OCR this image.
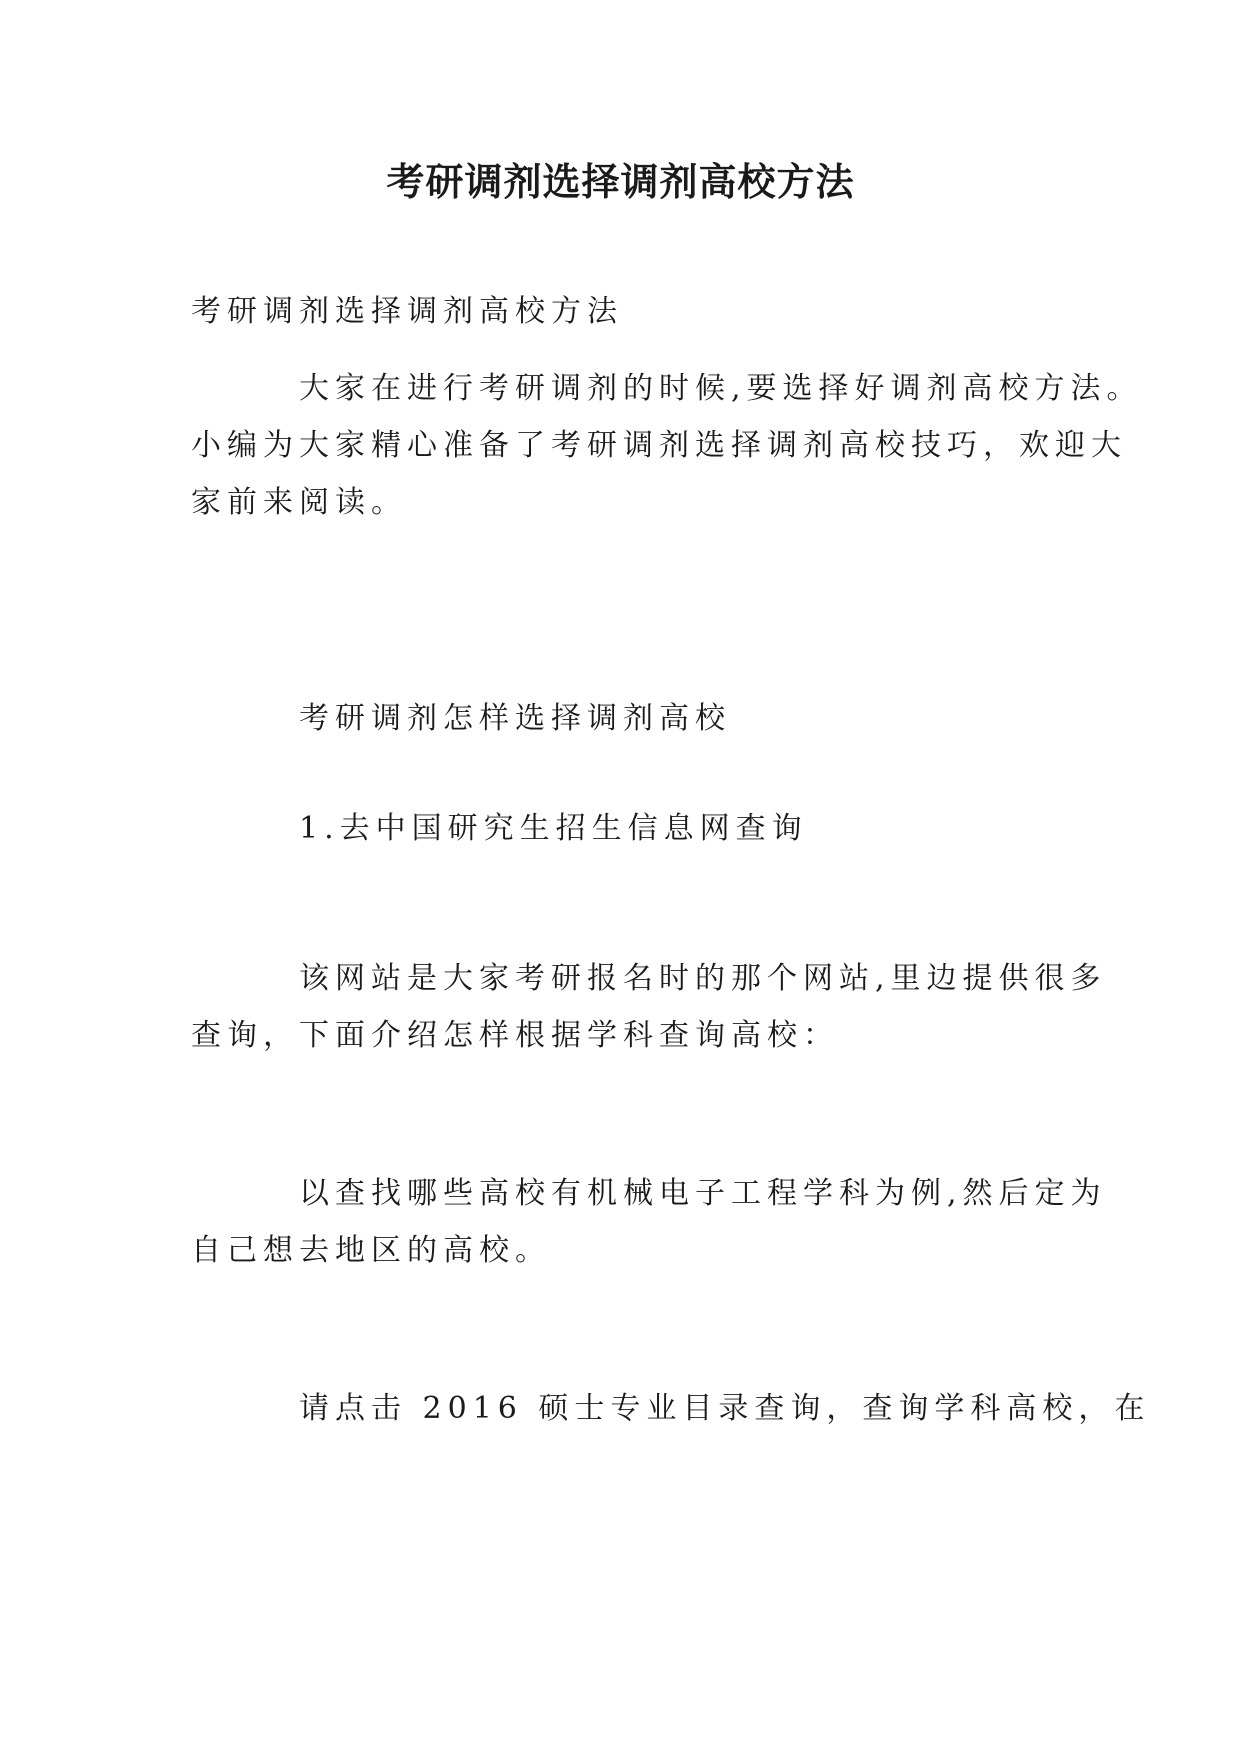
考研调剂选择调剂高校方法

考研调剂选择调剂高校方法

大家在进行考研调剂的时候,要选择好调剂高校方法。
小编为大家精心准备了考研调剂选择调剂高校技巧，欢迎大
家前来阅读。

考研调剂怎样选择调剂高校

1.去中国研究生招生信息网查询

该网站是大家考研报名时的那个网站,里边提供很多
查询，下面介绍怎样根据学科查询高校：

以查找哪些高校有机械电子工程学科为例,然后定为
自己想去地区的高校。

请点击 2016 硕士专业目录查询，查询学科高校，在
